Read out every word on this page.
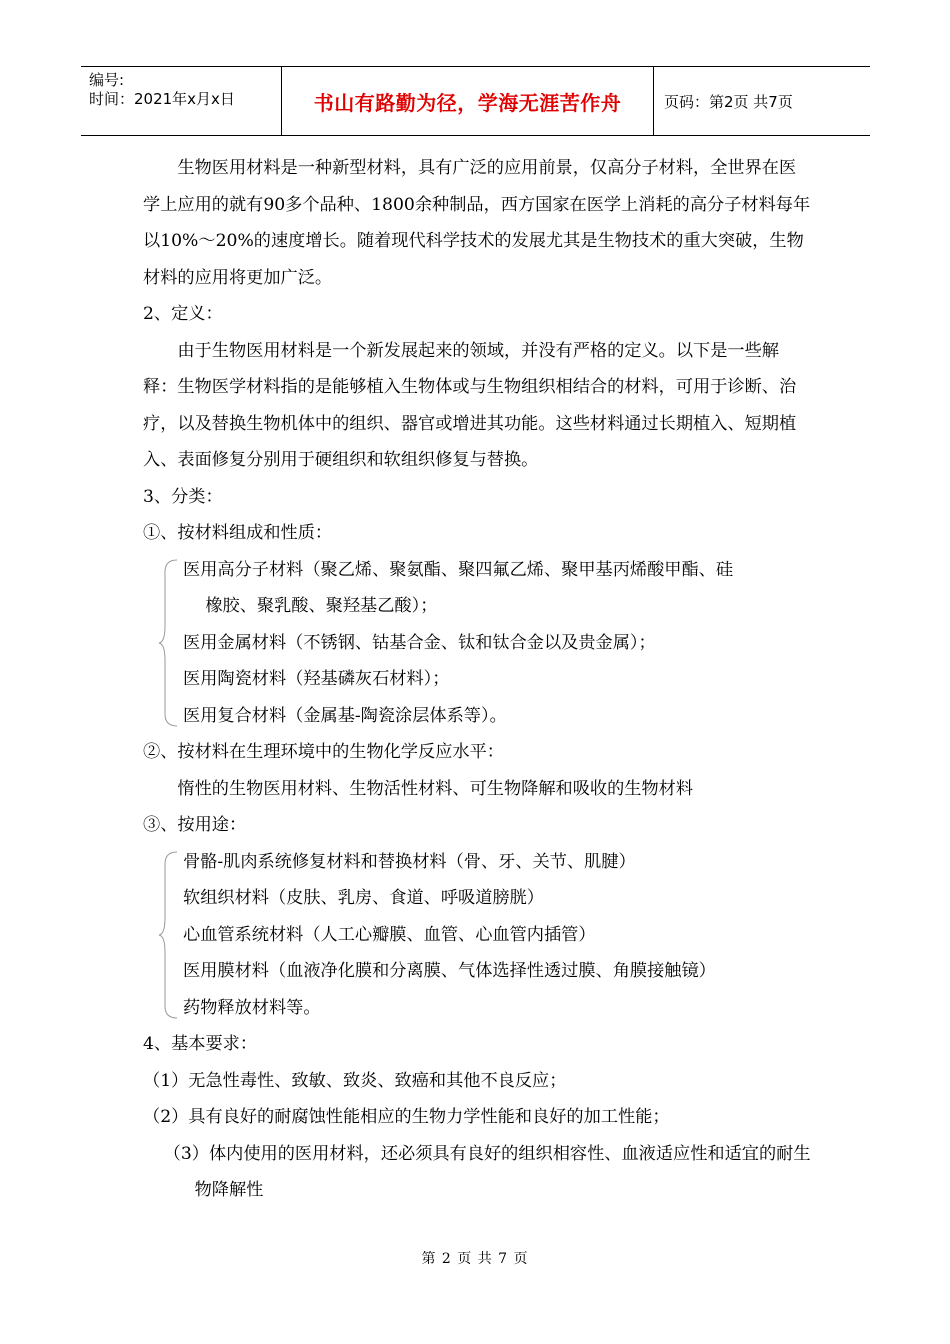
编号:
时间：2021年x月x日	书山有路勤为径，学海无涯苦作舟	页码：第2页 共7页

生物医用材料是一种新型材料，具有广泛的应用前景，仅高分子材料，全世界在医学上应用的就有90多个品种、1800余种制品，西方国家在医学上消耗的高分子材料每年以10%～20%的速度增长。随着现代科学技术的发展尤其是生物技术的重大突破，生物材料的应用将更加广泛。

2、定义：

由于生物医用材料是一个新发展起来的领域，并没有严格的定义。以下是一些解释：生物医学材料指的是能够植入生物体或与生物组织相结合的材料，可用于诊断、治疗，以及替换生物机体中的组织、器官或增进其功能。这些材料通过长期植入、短期植入、表面修复分别用于硬组织和软组织修复与替换。

3、分类：

①、按材料组成和性质：

医用高分子材料（聚乙烯、聚氨酯、聚四氟乙烯、聚甲基丙烯酸甲酯、硅

橡胶、聚乳酸、聚羟基乙酸）；

医用金属材料（不锈钢、钴基合金、钛和钛合金以及贵金属）；

医用陶瓷材料（羟基磷灰石材料）；

医用复合材料（金属基-陶瓷涂层体系等）。

②、按材料在生理环境中的生物化学反应水平：

惰性的生物医用材料、生物活性材料、可生物降解和吸收的生物材料

③、按用途：

骨骼-肌肉系统修复材料和替换材料（骨、牙、关节、肌腱）

软组织材料（皮肤、乳房、食道、呼吸道膀胱）

心血管系统材料（人工心瓣膜、血管、心血管内插管）

医用膜材料（血液净化膜和分离膜、气体选择性透过膜、角膜接触镜）

药物释放材料等。

4、基本要求：

（1）无急性毒性、致敏、致炎、致癌和其他不良反应；

（2）具有良好的耐腐蚀性能相应的生物力学性能和良好的加工性能；

（3）体内使用的医用材料，还必须具有良好的组织相容性、血液适应性和适宜的耐生物降解性

第 2 页 共 7 页
